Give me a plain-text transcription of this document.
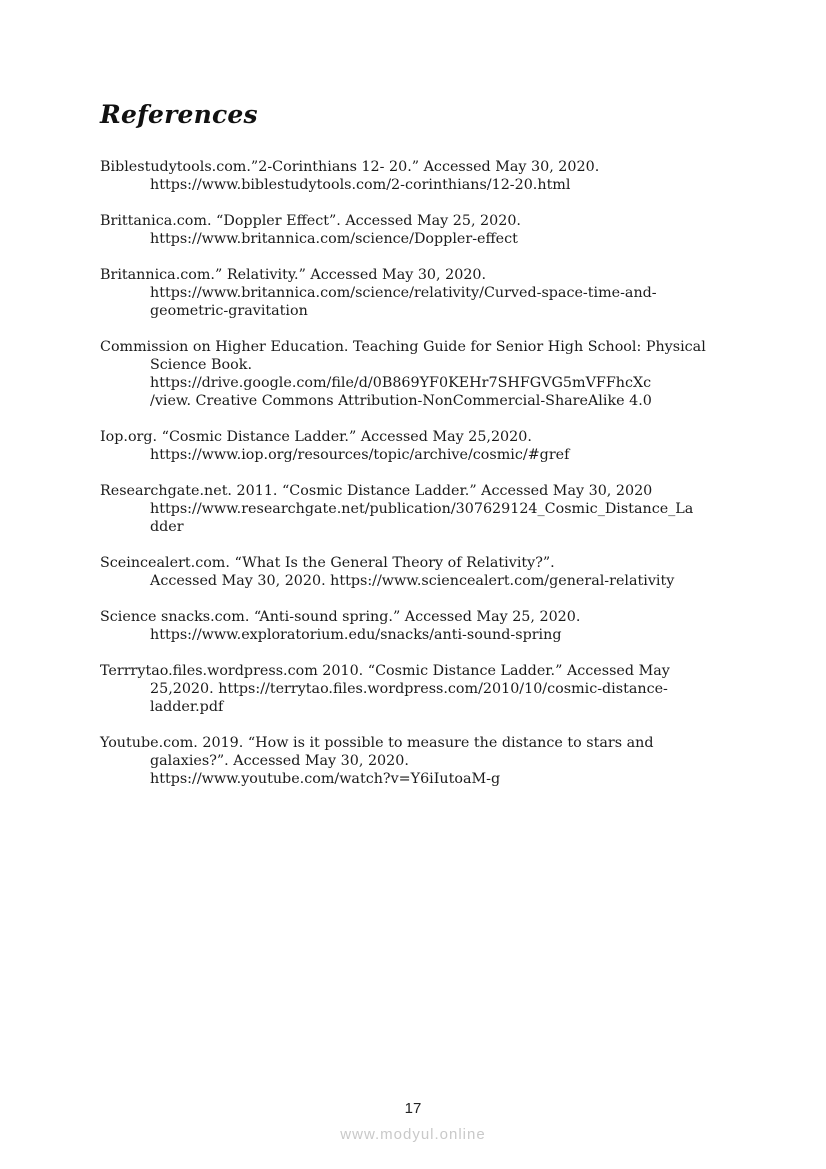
References
Biblestudytools.com.”2-Corinthians 12- 20.” Accessed May 30, 2020.
https://www.biblestudytools.com/2-corinthians/12-20.html
Brittanica.com. “Doppler Effect”. Accessed May 25, 2020.
https://www.britannica.com/science/Doppler-effect
Britannica.com.” Relativity.” Accessed May 30, 2020.
https://www.britannica.com/science/relativity/Curved-space-time-and-
geometric-gravitation
Commission on Higher Education. Teaching Guide for Senior High School: Physical
Science Book.
https://drive.google.com/file/d/0B869YF0KEHr7SHFGVG5mVFFhcXc
/view. Creative Commons Attribution-NonCommercial-ShareAlike 4.0
Iop.org. “Cosmic Distance Ladder.” Accessed May 25,2020.
https://www.iop.org/resources/topic/archive/cosmic/#gref
Researchgate.net. 2011. “Cosmic Distance Ladder.” Accessed May 30, 2020
https://www.researchgate.net/publication/307629124_Cosmic_Distance_La
dder
Sceincealert.com. “What Is the General Theory of Relativity?”.
Accessed May 30, 2020. https://www.sciencealert.com/general-relativity
Science snacks.com. “Anti-sound spring.” Accessed May 25, 2020.
https://www.exploratorium.edu/snacks/anti-sound-spring
Terrrytao.files.wordpress.com 2010. “Cosmic Distance Ladder.” Accessed May
25,2020. https://terrytao.files.wordpress.com/2010/10/cosmic-distance-
ladder.pdf
Youtube.com. 2019. “How is it possible to measure the distance to stars and
galaxies?”. Accessed May 30, 2020.
https://www.youtube.com/watch?v=Y6iIutoaM-g
17
www.modyul.online
